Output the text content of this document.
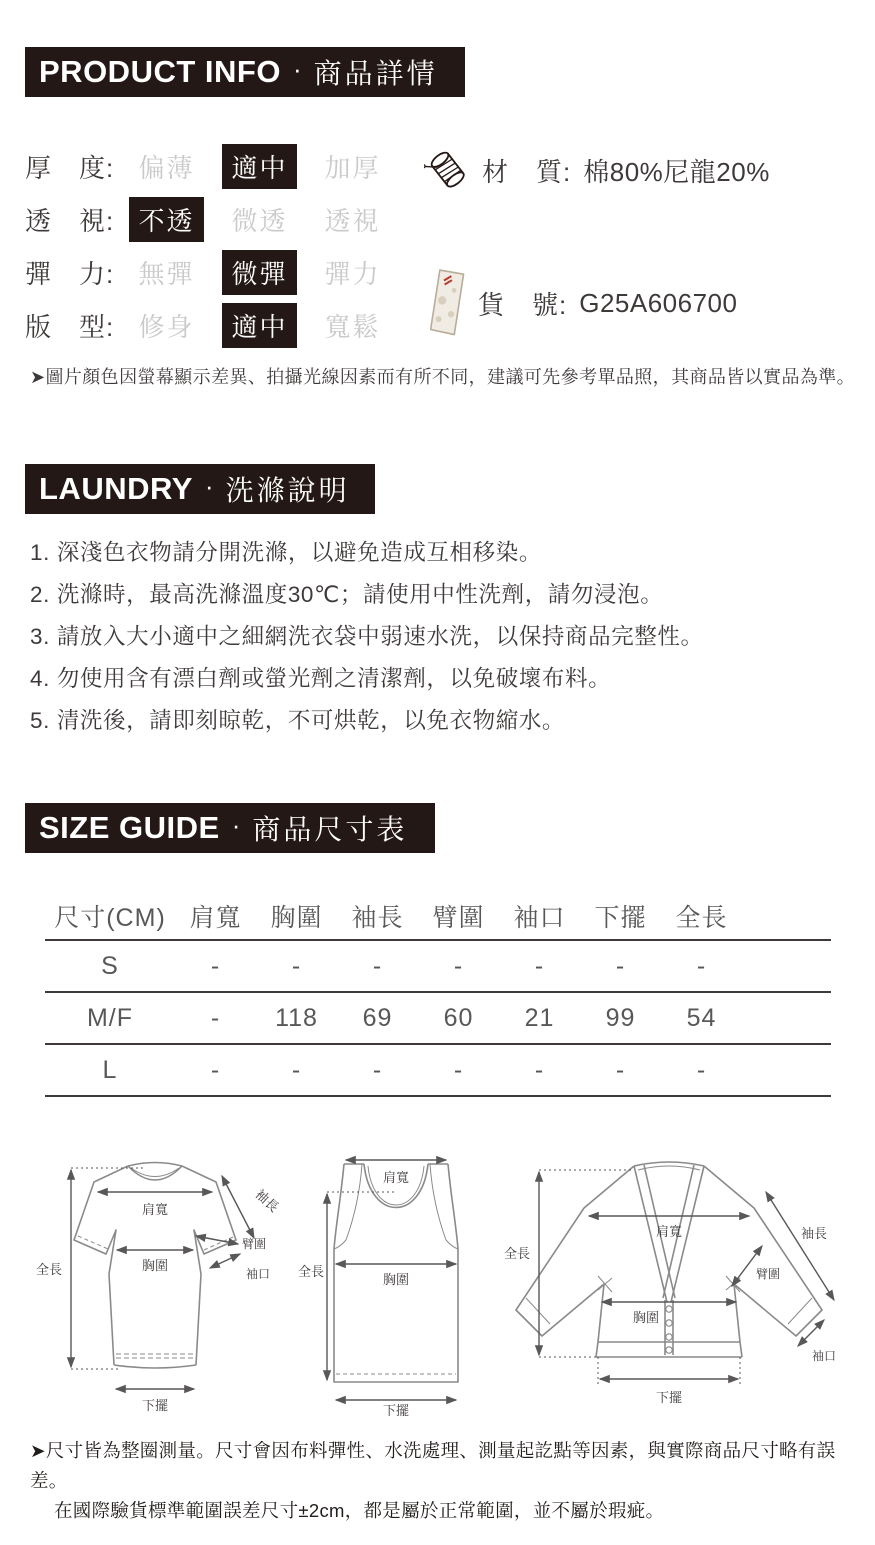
PRODUCT INFO · 商品詳情
厚　度: 偏薄	適中	加厚
透　視: 不透	微透	透視
彈　力: 無彈	微彈	彈力
版　型: 修身	適中	寬鬆
材　質: 棉80%尼龍20%
貨　號: G25A606700

➤圖片顏色因螢幕顯示差異、拍攝光線因素而有所不同，建議可先參考單品照，其商品皆以實品為準。

LAUNDRY · 洗滌說明
1. 深淺色衣物請分開洗滌，以避免造成互相移染。
2. 洗滌時，最高洗滌溫度30℃；請使用中性洗劑，請勿浸泡。
3. 請放入大小適中之細網洗衣袋中弱速水洗，以保持商品完整性。
4. 勿使用含有漂白劑或螢光劑之清潔劑，以免破壞布料。
5. 清洗後，請即刻晾乾，不可烘乾，以免衣物縮水。
SIZE GUIDE · 商品尺寸表
尺寸(CM) 肩寬	胸圍	袖長	臂圍	袖口	下擺	全長
S	-	-	-	-	-	-	-
M/F	-	118	69	60	21	99	54
L	-	-	-	-	-	-	-
肩寬
胸圍
袖長
臂圍
袖口
全長
下擺
肩寬
胸圍
全長
下擺
肩寬
胸圍
袖長
臂圍
袖口
全長
下擺
➤尺寸皆為整圈測量。尺寸會因布料彈性、水洗處理、測量起訖點等因素，與實際商品尺寸略有誤差。
在國際驗貨標準範圍誤差尺寸±2cm，都是屬於正常範圍，並不屬於瑕疵。
